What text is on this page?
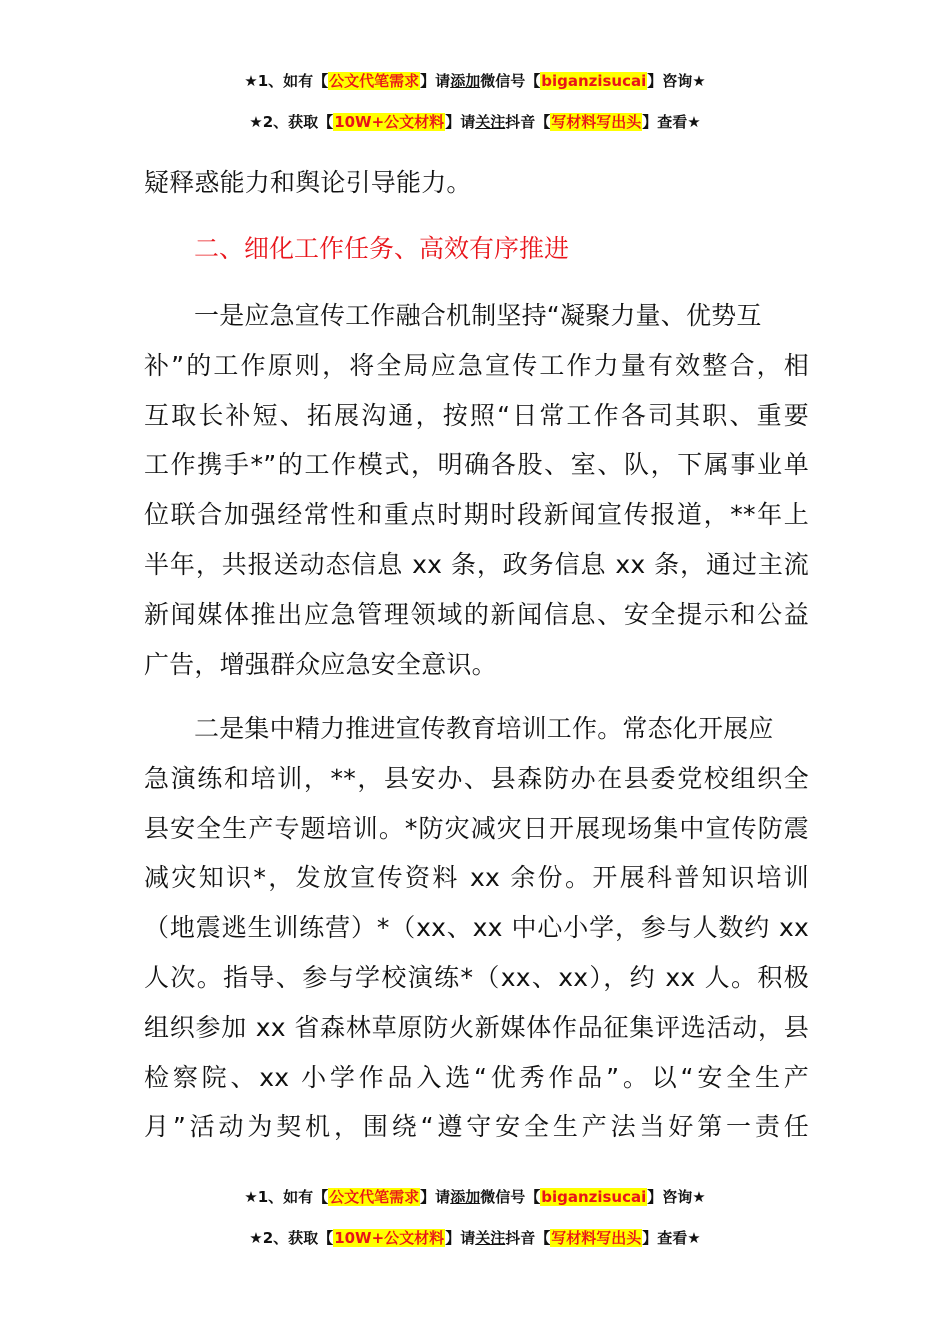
★1、如有【公文代笔需求】请添加微信号【biganzisucai】咨询★
★2、获取【10W+公文材料】请关注抖音【写材料写出头】查看★
疑释惑能力和舆论引导能力。
二、细化工作任务、高效有序推进
一是应急宣传工作融合机制坚持“凝聚力量、优势互
补”的工作原则，将全局应急宣传工作力量有效整合，相
互取长补短、拓展沟通，按照“日常工作各司其职、重要
工作携手*”的工作模式，明确各股、室、队，下属事业单
位联合加强经常性和重点时期时段新闻宣传报道，**年上
半年，共报送动态信息 xx 条，政务信息 xx 条，通过主流
新闻媒体推出应急管理领域的新闻信息、安全提示和公益
广告，增强群众应急安全意识。
二是集中精力推进宣传教育培训工作。常态化开展应
急演练和培训，**，县安办、县森防办在县委党校组织全
县安全生产专题培训。*防灾减灾日开展现场集中宣传防震
减灾知识*，发放宣传资料 xx 余份。开展科普知识培训
（地震逃生训练营）*（xx、xx 中心小学，参与人数约 xx
人次。指导、参与学校演练*（xx、xx），约 xx 人。积极
组织参加 xx 省森林草原防火新媒体作品征集评选活动，县
检察院、xx 小学作品入选“优秀作品”。以“安全生产
月”活动为契机，围绕“遵守安全生产法当好第一责任
★1、如有【公文代笔需求】请添加微信号【biganzisucai】咨询★
★2、获取【10W+公文材料】请关注抖音【写材料写出头】查看★
